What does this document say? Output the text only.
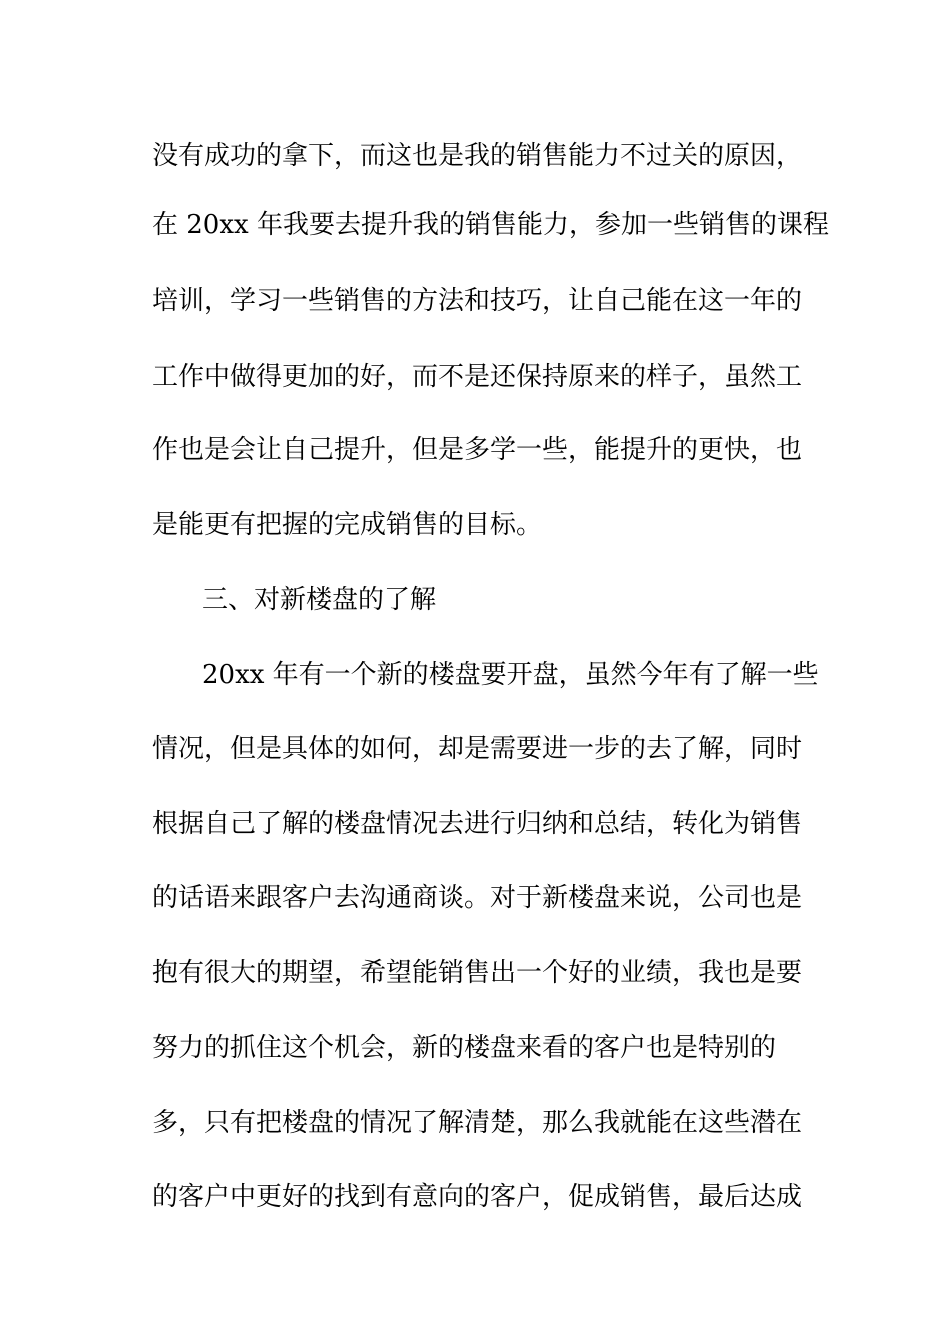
没有成功的拿下，而这也是我的销售能力不过关的原因，
在 20xx 年我要去提升我的销售能力，参加一些销售的课程
培训，学习一些销售的方法和技巧，让自己能在这一年的
工作中做得更加的好，而不是还保持原来的样子，虽然工
作也是会让自己提升，但是多学一些，能提升的更快，也
是能更有把握的完成销售的目标。
三、对新楼盘的了解
20xx 年有一个新的楼盘要开盘，虽然今年有了解一些
情况，但是具体的如何，却是需要进一步的去了解，同时
根据自己了解的楼盘情况去进行归纳和总结，转化为销售
的话语来跟客户去沟通商谈。对于新楼盘来说，公司也是
抱有很大的期望，希望能销售出一个好的业绩，我也是要
努力的抓住这个机会，新的楼盘来看的客户也是特别的
多，只有把楼盘的情况了解清楚，那么我就能在这些潜在
的客户中更好的找到有意向的客户，促成销售，最后达成
